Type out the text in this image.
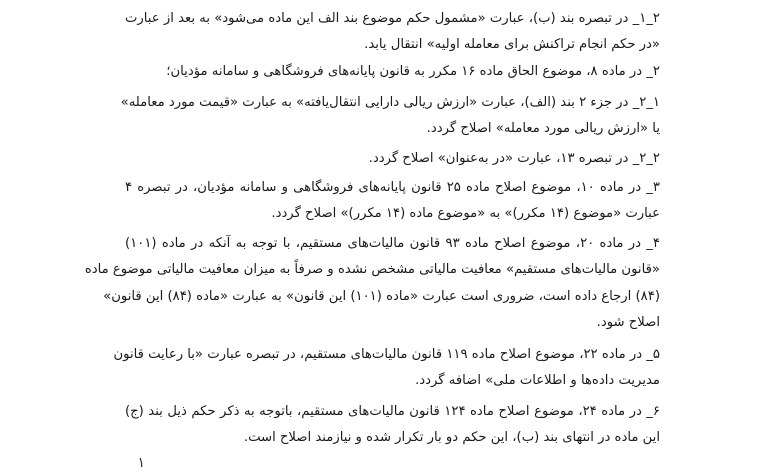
۲_۱_ در تبصره بند (ب)، عبارت «مشمول حکم موضوع بند الف این ماده می‌شود» به بعد از عبارت

«در حکم انجام تراکنش برای معامله اولیه» انتقال یابد.

۲_ در ماده ۸، موضوع الحاق ماده ۱۶ مکرر به قانون پایانه‌های فروشگاهی و سامانه مؤدیان؛

۱_۲_ در جزء ۲ بند (الف)، عبارت «ارزش ریالی دارایی انتقال‌یافته» به عبارت «قیمت مورد معامله»

یا «ارزش ریالی مورد معامله» اصلاح گردد.

۲_۲_ در تبصره ۱۳، عبارت «در به‌عنوان» اصلاح گردد.

۳_ در ماده ۱۰، موضوع اصلاح ماده ۲۵ قانون پایانه‌های فروشگاهی و سامانه مؤدیان، در تبصره ۴

عبارت «موضوع (۱۴ مکرر)» به «موضوع ماده (۱۴ مکرر)» اصلاح گردد.

۴_ در ماده ۲۰، موضوع اصلاح ماده ۹۳ قانون مالیات‌های مستقیم، با توجه به آنکه در ماده (۱۰۱)

«قانون مالیات‌های مستقیم» معافیت مالیاتی مشخص نشده و صرفاً به میزان معافیت مالیاتی موضوع ماده

(۸۴) ارجاع داده است، ضروری است عبارت «ماده (۱۰۱) این قانون» به عبارت «ماده (۸۴) این قانون»

اصلاح شود.

۵_ در ماده ۲۲، موضوع اصلاح ماده ۱۱۹ قانون مالیات‌های مستقیم، در تبصره عبارت «با رعایت قانون

مدیریت داده‌ها و اطلاعات ملی» اضافه گردد.

۶_ در ماده ۲۴، موضوع اصلاح ماده ۱۲۴ قانون مالیات‌های مستقیم، باتوجه به ذکر حکم ذیل بند (ج)

این ماده در انتهای بند (ب)، این حکم دو بار تکرار شده و نیازمند اصلاح است.

۱
